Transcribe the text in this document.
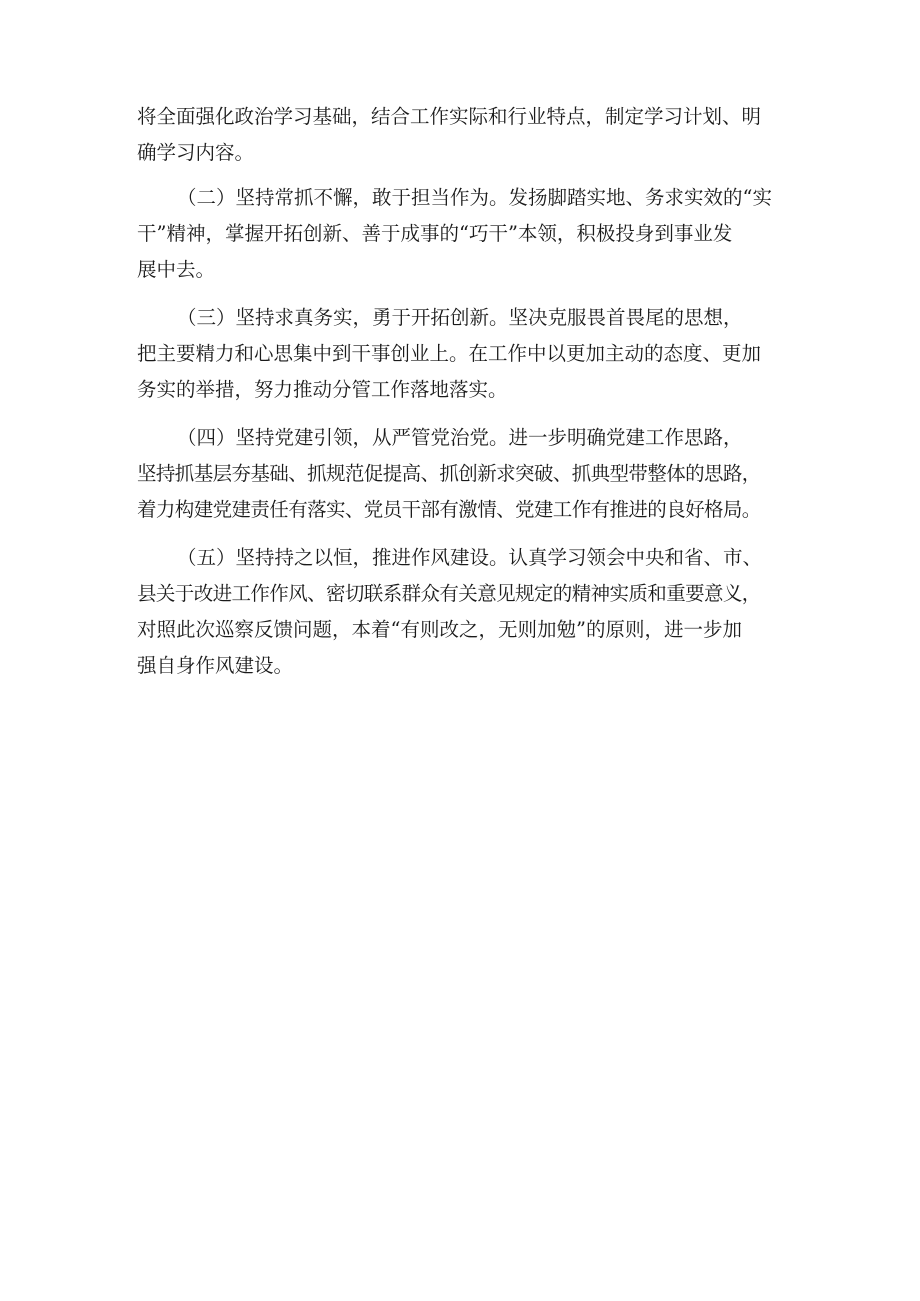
将全面强化政治学习基础，结合工作实际和行业特点，制定学习计划、明
确学习内容。
（二）坚持常抓不懈，敢于担当作为。发扬脚踏实地、务求实效的“实
干”精神，掌握开拓创新、善于成事的“巧干”本领，积极投身到事业发
展中去。
（三）坚持求真务实，勇于开拓创新。坚决克服畏首畏尾的思想，
把主要精力和心思集中到干事创业上。在工作中以更加主动的态度、更加
务实的举措，努力推动分管工作落地落实。
（四）坚持党建引领，从严管党治党。进一步明确党建工作思路，
坚持抓基层夯基础、抓规范促提高、抓创新求突破、抓典型带整体的思路，
着力构建党建责任有落实、党员干部有激情、党建工作有推进的良好格局。
（五）坚持持之以恒，推进作风建设。认真学习领会中央和省、市、
县关于改进工作作风、密切联系群众有关意见规定的精神实质和重要意义，
对照此次巡察反馈问题，本着“有则改之，无则加勉”的原则，进一步加
强自身作风建设。
